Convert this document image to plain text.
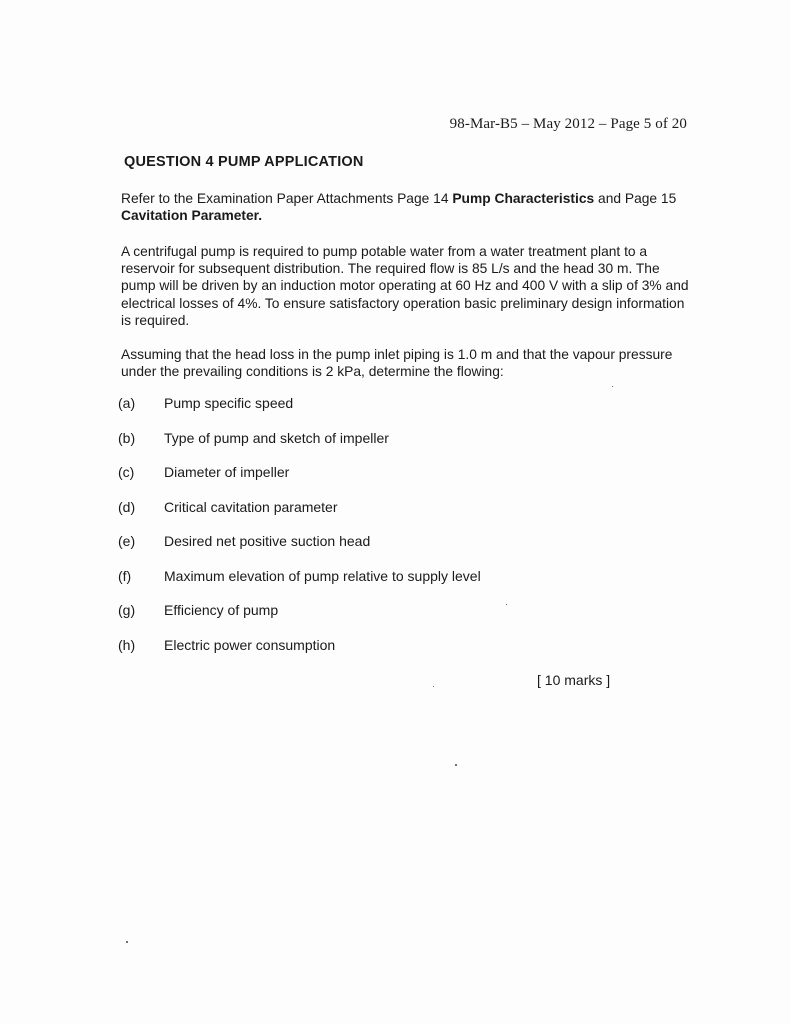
98-Mar-B5 – May 2012 – Page 5 of 20
QUESTION 4 PUMP APPLICATION
Refer to the Examination Paper Attachments Page 14 Pump Characteristics and Page 15 Cavitation Parameter.
A centrifugal pump is required to pump potable water from a water treatment plant to a reservoir for subsequent distribution. The required flow is 85 L/s and the head 30 m. The pump will be driven by an induction motor operating at 60 Hz and 400 V with a slip of 3% and electrical losses of 4%. To ensure satisfactory operation basic preliminary design information is required.
Assuming that the head loss in the pump inlet piping is 1.0 m and that the vapour pressure under the prevailing conditions is 2 kPa, determine the flowing:
(a)	Pump specific speed
(b)	Type of pump and sketch of impeller
(c)	Diameter of impeller
(d)	Critical cavitation parameter
(e)	Desired net positive suction head
(f)	Maximum elevation of pump relative to supply level
(g)	Efficiency of pump
(h)	Electric power consumption
[ 10 marks ]
